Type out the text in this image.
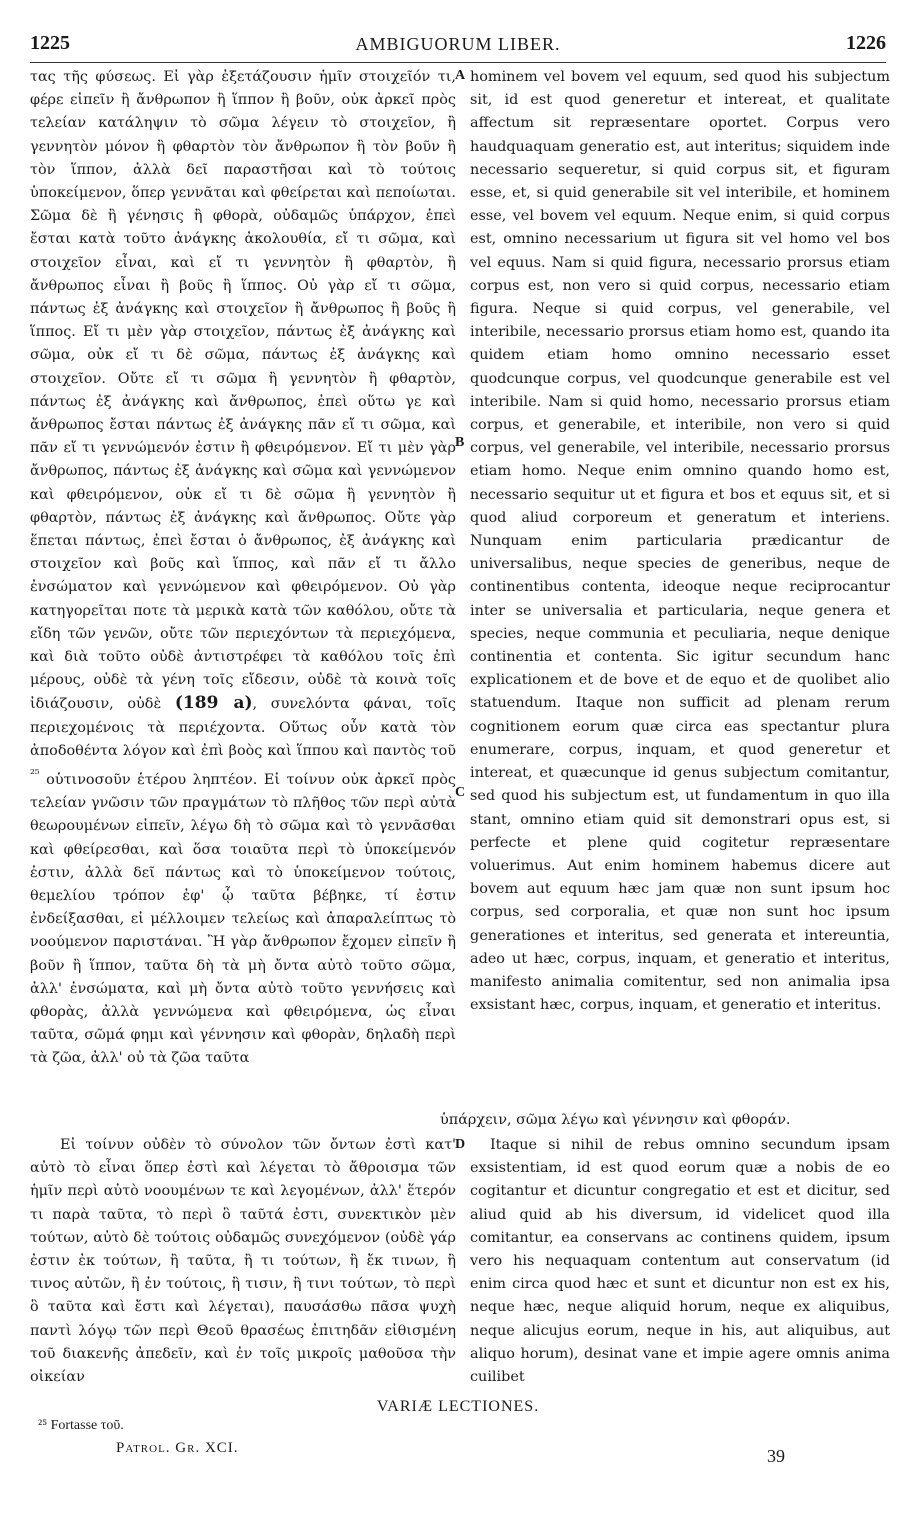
1225	AMBIGUORUM LIBER.	1226

τας τῆς φύσεως. Εἰ γὰρ ἐξετάζουσιν ἡμῖν στοιχεῖόν τι, φέρε εἰπεῖν ἢ ἄνθρωπον ἢ ἵππον ἢ βοῦν, οὐκ ἀρκεῖ πρὸς τελείαν κατάληψιν τὸ σῶμα λέγειν τὸ στοιχεῖον, ἢ γεννητὸν μόνον ἢ φθαρτὸν τὸν ἄνθρωπον ἢ τὸν βοῦν ἢ τὸν ἵππον, ἀλλὰ δεῖ παραστῆσαι καὶ τὸ τούτοις ὑποκείμενον, ὅπερ γεννᾶται καὶ φθείρεται καὶ πεποίωται. Σῶμα δὲ ἢ γένησις ἢ φθορὰ, οὐδαμῶς ὑπάρχον, ἐπεὶ ἔσται κατὰ τοῦτο ἀνάγκης ἀκολουθία, εἴ τι σῶμα, καὶ στοιχεῖον εἶναι, καὶ εἴ τι γεννητὸν ἢ φθαρτὸν, ἢ ἄνθρωπος εἶναι ἢ βοῦς ἢ ἵππος. Οὐ γὰρ εἴ τι σῶμα, πάντως ἐξ ἀνάγκης καὶ στοιχεῖον ἢ ἄνθρωπος ἢ βοῦς ἢ ἵππος. Εἴ τι μὲν γὰρ στοιχεῖον, πάντως ἐξ ἀνάγκης καὶ σῶμα, οὐκ εἴ τι δὲ σῶμα, πάντως ἐξ ἀνάγκης καὶ στοιχεῖον. Οὔτε εἴ τι σῶμα ἢ γεννητὸν ἢ φθαρτὸν, πάντως ἐξ ἀνάγκης καὶ ἄνθρωπος, ἐπεὶ οὕτω γε καὶ ἄνθρωπος ἔσται πάντως ἐξ ἀνάγκης πᾶν εἴ τι σῶμα, καὶ πᾶν εἴ τι γεννώμενόν ἐστιν ἢ φθειρόμενον. Εἴ τι μὲν γὰρ ἄνθρωπος, πάντως ἐξ ἀνάγκης καὶ σῶμα καὶ γεννώμενον καὶ φθειρόμενον, οὐκ εἴ τι δὲ σῶμα ἢ γεννητὸν ἢ φθαρτὸν, πάντως ἐξ ἀνάγκης καὶ ἄνθρωπος. Οὔτε γὰρ ἕπεται πάντως, ἐπεὶ ἔσται ὁ ἄνθρωπος, ἐξ ἀνάγκης καὶ στοιχεῖον καὶ βοῦς καὶ ἵππος, καὶ πᾶν εἴ τι ἄλλο ἐνσώματον καὶ γεννώμενον καὶ φθειρόμενον. Οὐ γὰρ κατηγορεῖται ποτε τὰ μερικὰ κατὰ τῶν καθόλου, οὔτε τὰ εἴδη τῶν γενῶν, οὔτε τῶν περιεχόντων τὰ περιεχόμενα, καὶ διὰ τοῦτο οὐδὲ ἀντιστρέφει τὰ καθόλου τοῖς ἐπὶ μέρους, οὐδὲ τὰ γένη τοῖς εἴδεσιν, οὐδὲ τὰ κοινὰ τοῖς ἰδιάζουσιν, οὐδὲ (189 a), συνελόντα φάναι, τοῖς περιεχομένοις τὰ περιέχοντα. Οὕτως οὖν κατὰ τὸν ἀποδοθέντα λόγον καὶ ἐπὶ βοὸς καὶ ἵππου καὶ παντὸς τοῦ $^{^{25}}$ οὑτινοσοῦν ἑτέρου ληπτέον. Εἰ τοίνυν οὐκ ἀρκεῖ πρὸς τελείαν γνῶσιν τῶν πραγμάτων τὸ πλῆθος τῶν περὶ αὐτὰ θεωρουμένων εἰπεῖν, λέγω δὴ τὸ σῶμα καὶ τὸ γεννᾶσθαι καὶ φθείρεσθαι, καὶ ὅσα τοιαῦτα περὶ τὸ ὑποκείμενόν ἐστιν, ἀλλὰ δεῖ πάντως καὶ τὸ ὑποκείμενον τούτοις, θεμελίου τρόπον ἐφ' ᾧ ταῦτα βέβηκε, τί ἐστιν ἐνδείξασθαι, εἰ μέλλοιμεν τελείως καὶ ἀπαραλείπτως τὸ νοούμενον παριστάναι. Ἢ γὰρ ἄνθρωπον ἔχομεν εἰπεῖν ἢ βοῦν ἢ ἵππον, ταῦτα δὴ τὰ μὴ ὄντα αὐτὸ τοῦτο σῶμα, ἀλλ' ἐνσώματα, καὶ μὴ ὄντα αὐτὸ τοῦτο γεννήσεις καὶ φθορὰς, ἀλλὰ γεννώμενα καὶ φθειρόμενα, ὡς εἶναι ταῦτα, σῶμά φημι καὶ γέννησιν καὶ φθορὰν, δηλαδὴ περὶ τὰ ζῶα, ἀλλ' οὐ τὰ ζῶα ταῦτα

hominem vel bovem vel equum, sed quod his subjectum sit, id est quod generetur et intereat, et qualitate affectum sit repræsentare oportet. Corpus vero haudquaquam generatio est, aut interitus; siquidem inde necessario sequeretur, si quid corpus sit, et figuram esse, et, si quid generabile sit vel interibile, et hominem esse, vel bovem vel equum. Neque enim, si quid corpus est, omnino necessarium ut figura sit vel homo vel bos vel equus. Nam si quid figura, necessario prorsus etiam corpus est, non vero si quid corpus, necessario etiam figura. Neque si quid corpus, vel generabile, vel interibile, necessario prorsus etiam homo est, quando ita quidem etiam homo omnino necessario esset quodcunque corpus, vel quodcunque generabile est vel interibile. Nam si quid homo, necessario prorsus etiam corpus, et generabile, et interibile, non vero si quid corpus, vel generabile, vel interibile, necessario prorsus etiam homo. Neque enim omnino quando homo est, necessario sequitur ut et figura et bos et equus sit, et si quod aliud corporeum et generatum et interiens. Nunquam enim particularia prædicantur de universalibus, neque species de generibus, neque de continentibus contenta, ideoque neque reciprocantur inter se universalia et particularia, neque genera et species, neque communia et peculiaria, neque denique continentia et contenta. Sic igitur secundum hanc explicationem et de bove et de equo et de quolibet alio statuendum. Itaque non sufficit ad plenam rerum cognitionem eorum quæ circa eas spectantur plura enumerare, corpus, inquam, et quod generetur et intereat, et quæcunque id genus subjectum comitantur, sed quod his subjectum est, ut fundamentum in quo illa stant, omnino etiam quid sit demonstrari opus est, si perfecte et plene quid cogitetur repræsentare voluerimus. Aut enim hominem habemus dicere aut bovem aut equum hæc jam quæ non sunt ipsum hoc corpus, sed corporalia, et quæ non sunt hoc ipsum generationes et interitus, sed generata et intereuntia, adeo ut hæc, corpus, inquam, et generatio et interitus, manifesto animalia comitentur, sed non animalia ipsa exsistant hæc, corpus, inquam, et generatio et interitus.

ὑπάρχειν, σῶμα λέγω καὶ γέννησιν καὶ φθοράν.

Εἰ τοίνυν οὐδὲν τὸ σύνολον τῶν ὄντων ἐστὶ κατ' αὐτὸ τὸ εἶναι ὅπερ ἐστὶ καὶ λέγεται τὸ ἄθροισμα τῶν ἡμῖν περὶ αὐτὸ νοουμένων τε καὶ λεγομένων, ἀλλ' ἕτερόν τι παρὰ ταῦτα, τὸ περὶ ὃ ταῦτά ἐστι, συνεκτικὸν μὲν τούτων, αὐτὸ δὲ τούτοις οὐδαμῶς συνεχόμενον (οὐδὲ γάρ ἐστιν ἐκ τούτων, ἢ ταῦτα, ἢ τι τούτων, ἢ ἔκ τινων, ἢ τινος αὐτῶν, ἢ ἐν τούτοις, ἢ τισιν, ἢ τινι τούτων, τὸ περὶ ὃ ταῦτα καὶ ἔστι καὶ λέγεται), παυσάσθω πᾶσα ψυχὴ παντὶ λόγῳ τῶν περὶ Θεοῦ θρασέως ἐπιτηδᾶν εἰθισμένη τοῦ διακενῆς ἀπεδεῖν, καὶ ἐν τοῖς μικροῖς μαθοῦσα τὴν οἰκείαν

Itaque si nihil de rebus omnino secundum ipsam exsistentiam, id est quod eorum quæ a nobis de eo cogitantur et dicuntur congregatio et est et dicitur, sed aliud quid ab his diversum, id videlicet quod illa comitantur, ea conservans ac continens quidem, ipsum vero his nequaquam contentum aut conservatum (id enim circa quod hæc et sunt et dicuntur non est ex his, neque hæc, neque aliquid horum, neque ex aliquibus, neque alicujus eorum, neque in his, aut aliquibus, aut aliquo horum), desinat vane et impie agere omnis anima cuilibet

A
B
C
D
VARIÆ LECTIONES.
²⁵ Fortasse τοῦ.
Patrol. Gr. XCI.	39
